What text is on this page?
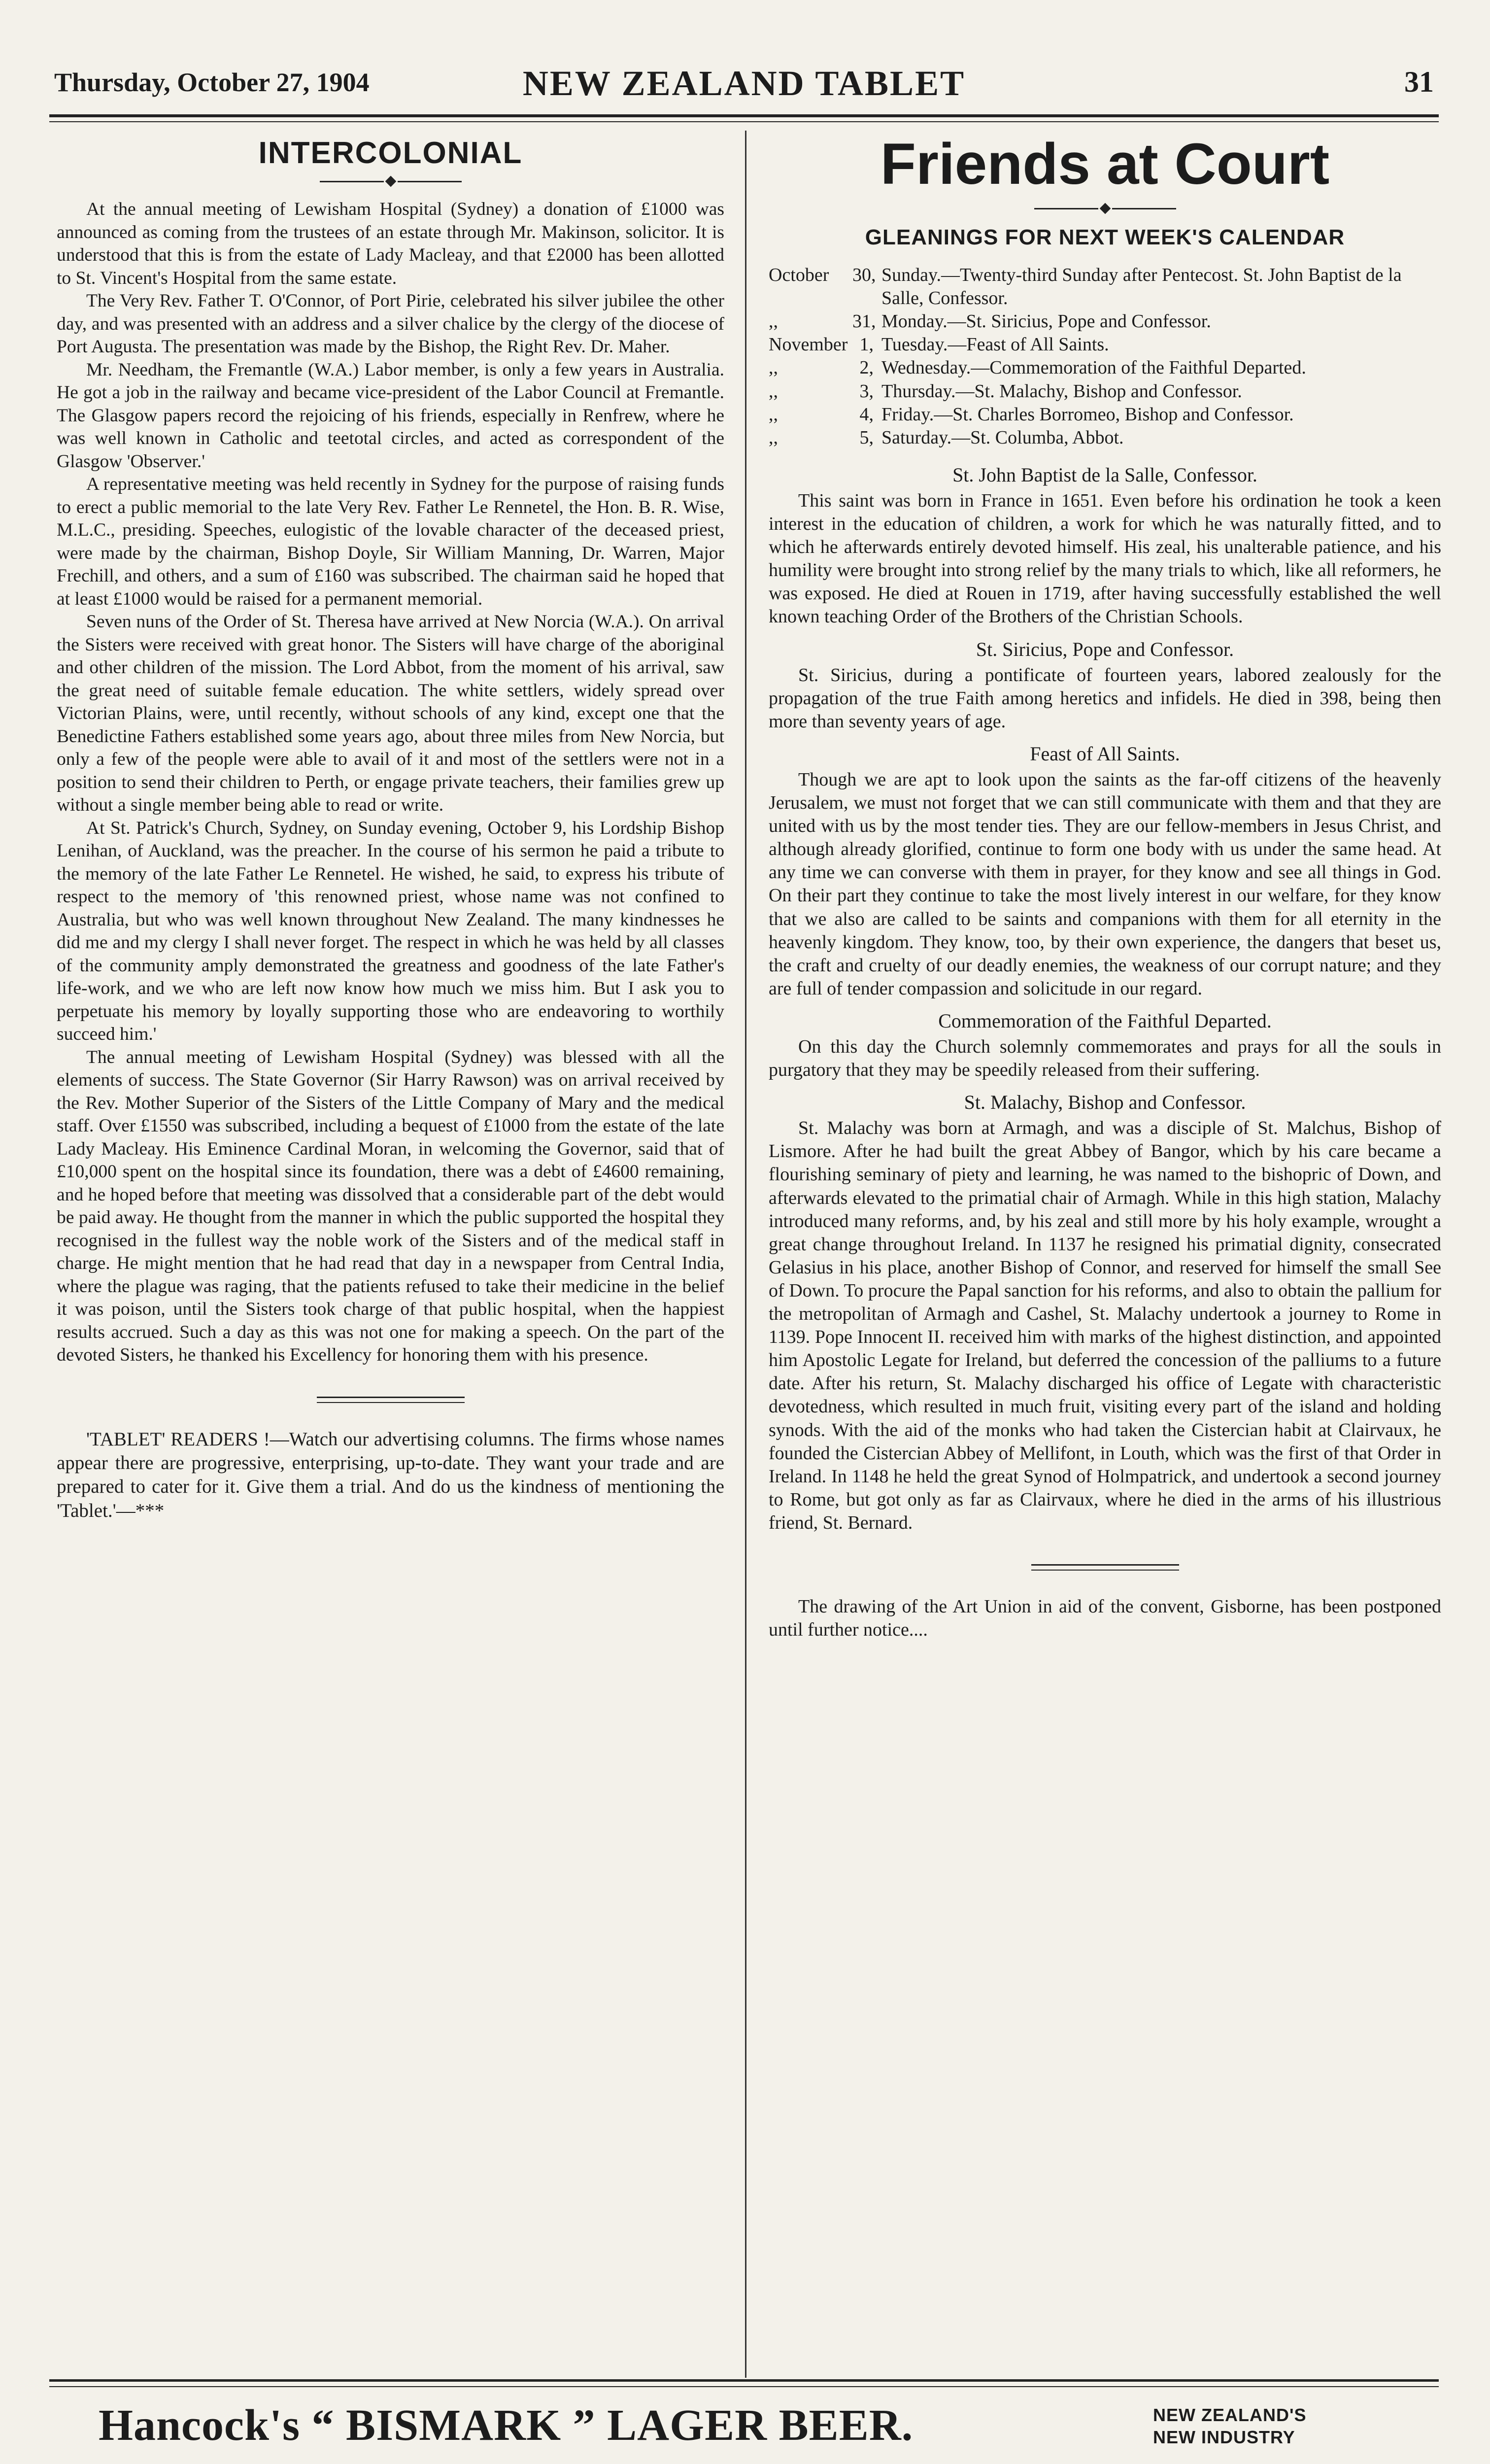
Thursday, October 27, 1904	NEW ZEALAND TABLET	31
INTERCOLONIAL

At the annual meeting of Lewisham Hospital (Sydney) a donation of £1000 was announced as coming from the trustees of an estate through Mr. Makinson, solicitor. It is understood that this is from the estate of Lady Macleay, and that £2000 has been allotted to St. Vincent's Hospital from the same estate.

The Very Rev. Father T. O'Connor, of Port Pirie, celebrated his silver jubilee the other day, and was presented with an address and a silver chalice by the clergy of the diocese of Port Augusta. The presentation was made by the Bishop, the Right Rev. Dr. Maher.

Mr. Needham, the Fremantle (W.A.) Labor member, is only a few years in Australia. He got a job in the railway and became vice-president of the Labor Council at Fremantle. The Glasgow papers record the rejoicing of his friends, especially in Renfrew, where he was well known in Catholic and teetotal circles, and acted as correspondent of the Glasgow 'Observer.'

A representative meeting was held recently in Sydney for the purpose of raising funds to erect a public memorial to the late Very Rev. Father Le Rennetel, the Hon. B. R. Wise, M.L.C., presiding. Speeches, eulogistic of the lovable character of the deceased priest, were made by the chairman, Bishop Doyle, Sir William Manning, Dr. Warren, Major Frechill, and others, and a sum of £160 was subscribed. The chairman said he hoped that at least £1000 would be raised for a permanent memorial.

Seven nuns of the Order of St. Theresa have arrived at New Norcia (W.A.). On arrival the Sisters were received with great honor. The Sisters will have charge of the aboriginal and other children of the mission. The Lord Abbot, from the moment of his arrival, saw the great need of suitable female education. The white settlers, widely spread over Victorian Plains, were, until recently, without schools of any kind, except one that the Benedictine Fathers established some years ago, about three miles from New Norcia, but only a few of the people were able to avail of it and most of the settlers were not in a position to send their children to Perth, or engage private teachers, their families grew up without a single member being able to read or write.

At St. Patrick's Church, Sydney, on Sunday evening, October 9, his Lordship Bishop Lenihan, of Auckland, was the preacher. In the course of his sermon he paid a tribute to the memory of the late Father Le Rennetel. He wished, he said, to express his tribute of respect to the memory of 'this renowned priest, whose name was not confined to Australia, but who was well known throughout New Zealand. The many kindnesses he did me and my clergy I shall never forget. The respect in which he was held by all classes of the community amply demonstrated the greatness and goodness of the late Father's life-work, and we who are left now know how much we miss him. But I ask you to perpetuate his memory by loyally supporting those who are endeavoring to worthily succeed him.'

The annual meeting of Lewisham Hospital (Sydney) was blessed with all the elements of success. The State Governor (Sir Harry Rawson) was on arrival received by the Rev. Mother Superior of the Sisters of the Little Company of Mary and the medical staff. Over £1550 was subscribed, including a bequest of £1000 from the estate of the late Lady Macleay. His Eminence Cardinal Moran, in welcoming the Governor, said that of £10,000 spent on the hospital since its foundation, there was a debt of £4600 remaining, and he hoped before that meeting was dissolved that a considerable part of the debt would be paid away. He thought from the manner in which the public supported the hospital they recognised in the fullest way the noble work of the Sisters and of the medical staff in charge. He might mention that he had read that day in a newspaper from Central India, where the plague was raging, that the patients refused to take their medicine in the belief it was poison, until the Sisters took charge of that public hospital, when the happiest results accrued. Such a day as this was not one for making a speech. On the part of the devoted Sisters, he thanked his Excellency for honoring them with his presence.

'TABLET' READERS !—Watch our advertising columns. The firms whose names appear there are progressive, enterprising, up-to-date. They want your trade and are prepared to cater for it. Give them a trial. And do us the kindness of mentioning the 'Tablet.'—***

Friends at Court
GLEANINGS FOR NEXT WEEK'S CALENDAR
October	30, Sunday.—Twenty-third Sunday after Pentecost. St. John Baptist de la Salle, Confessor.
,,	31, Monday.—St. Siricius, Pope and Confessor.
November 1, Tuesday.—Feast of All Saints.
,,	2, Wednesday.—Commemoration of the Faithful Departed.
,,	3, Thursday.—St. Malachy, Bishop and Confessor.
,,	4, Friday.—St. Charles Borromeo, Bishop and Confessor.
,,	5, Saturday.—St. Columba, Abbot.
St. John Baptist de la Salle, Confessor.

This saint was born in France in 1651. Even before his ordination he took a keen interest in the education of children, a work for which he was naturally fitted, and to which he afterwards entirely devoted himself. His zeal, his unalterable patience, and his humility were brought into strong relief by the many trials to which, like all reformers, he was exposed. He died at Rouen in 1719, after having successfully established the well known teaching Order of the Brothers of the Christian Schools.

St. Siricius, Pope and Confessor.

St. Siricius, during a pontificate of fourteen years, labored zealously for the propagation of the true Faith among heretics and infidels. He died in 398, being then more than seventy years of age.

Feast of All Saints.

Though we are apt to look upon the saints as the far-off citizens of the heavenly Jerusalem, we must not forget that we can still communicate with them and that they are united with us by the most tender ties. They are our fellow-members in Jesus Christ, and although already glorified, continue to form one body with us under the same head. At any time we can converse with them in prayer, for they know and see all things in God. On their part they continue to take the most lively interest in our welfare, for they know that we also are called to be saints and companions with them for all eternity in the heavenly kingdom. They know, too, by their own experience, the dangers that beset us, the craft and cruelty of our deadly enemies, the weakness of our corrupt nature; and they are full of tender compassion and solicitude in our regard.

Commemoration of the Faithful Departed.

On this day the Church solemnly commemorates and prays for all the souls in purgatory that they may be speedily released from their suffering.

St. Malachy, Bishop and Confessor.

St. Malachy was born at Armagh, and was a disciple of St. Malchus, Bishop of Lismore. After he had built the great Abbey of Bangor, which by his care became a flourishing seminary of piety and learning, he was named to the bishopric of Down, and afterwards elevated to the primatial chair of Armagh. While in this high station, Malachy introduced many reforms, and, by his zeal and still more by his holy example, wrought a great change throughout Ireland. In 1137 he resigned his primatial dignity, consecrated Gelasius in his place, another Bishop of Connor, and reserved for himself the small See of Down. To procure the Papal sanction for his reforms, and also to obtain the pallium for the metropolitan of Armagh and Cashel, St. Malachy undertook a journey to Rome in 1139. Pope Innocent II. received him with marks of the highest distinction, and appointed him Apostolic Legate for Ireland, but deferred the concession of the palliums to a future date. After his return, St. Malachy discharged his office of Legate with characteristic devotedness, which resulted in much fruit, visiting every part of the island and holding synods. With the aid of the monks who had taken the Cistercian habit at Clairvaux, he founded the Cistercian Abbey of Mellifont, in Louth, which was the first of that Order in Ireland. In 1148 he held the great Synod of Holmpatrick, and undertook a second journey to Rome, but got only as far as Clairvaux, where he died in the arms of his illustrious friend, St. Bernard.

The drawing of the Art Union in aid of the convent, Gisborne, has been postponed until further notice....

Hancock's “ BISMARK ” LAGER BEER.	NEW ZEALAND'S
NEW INDUSTRY
